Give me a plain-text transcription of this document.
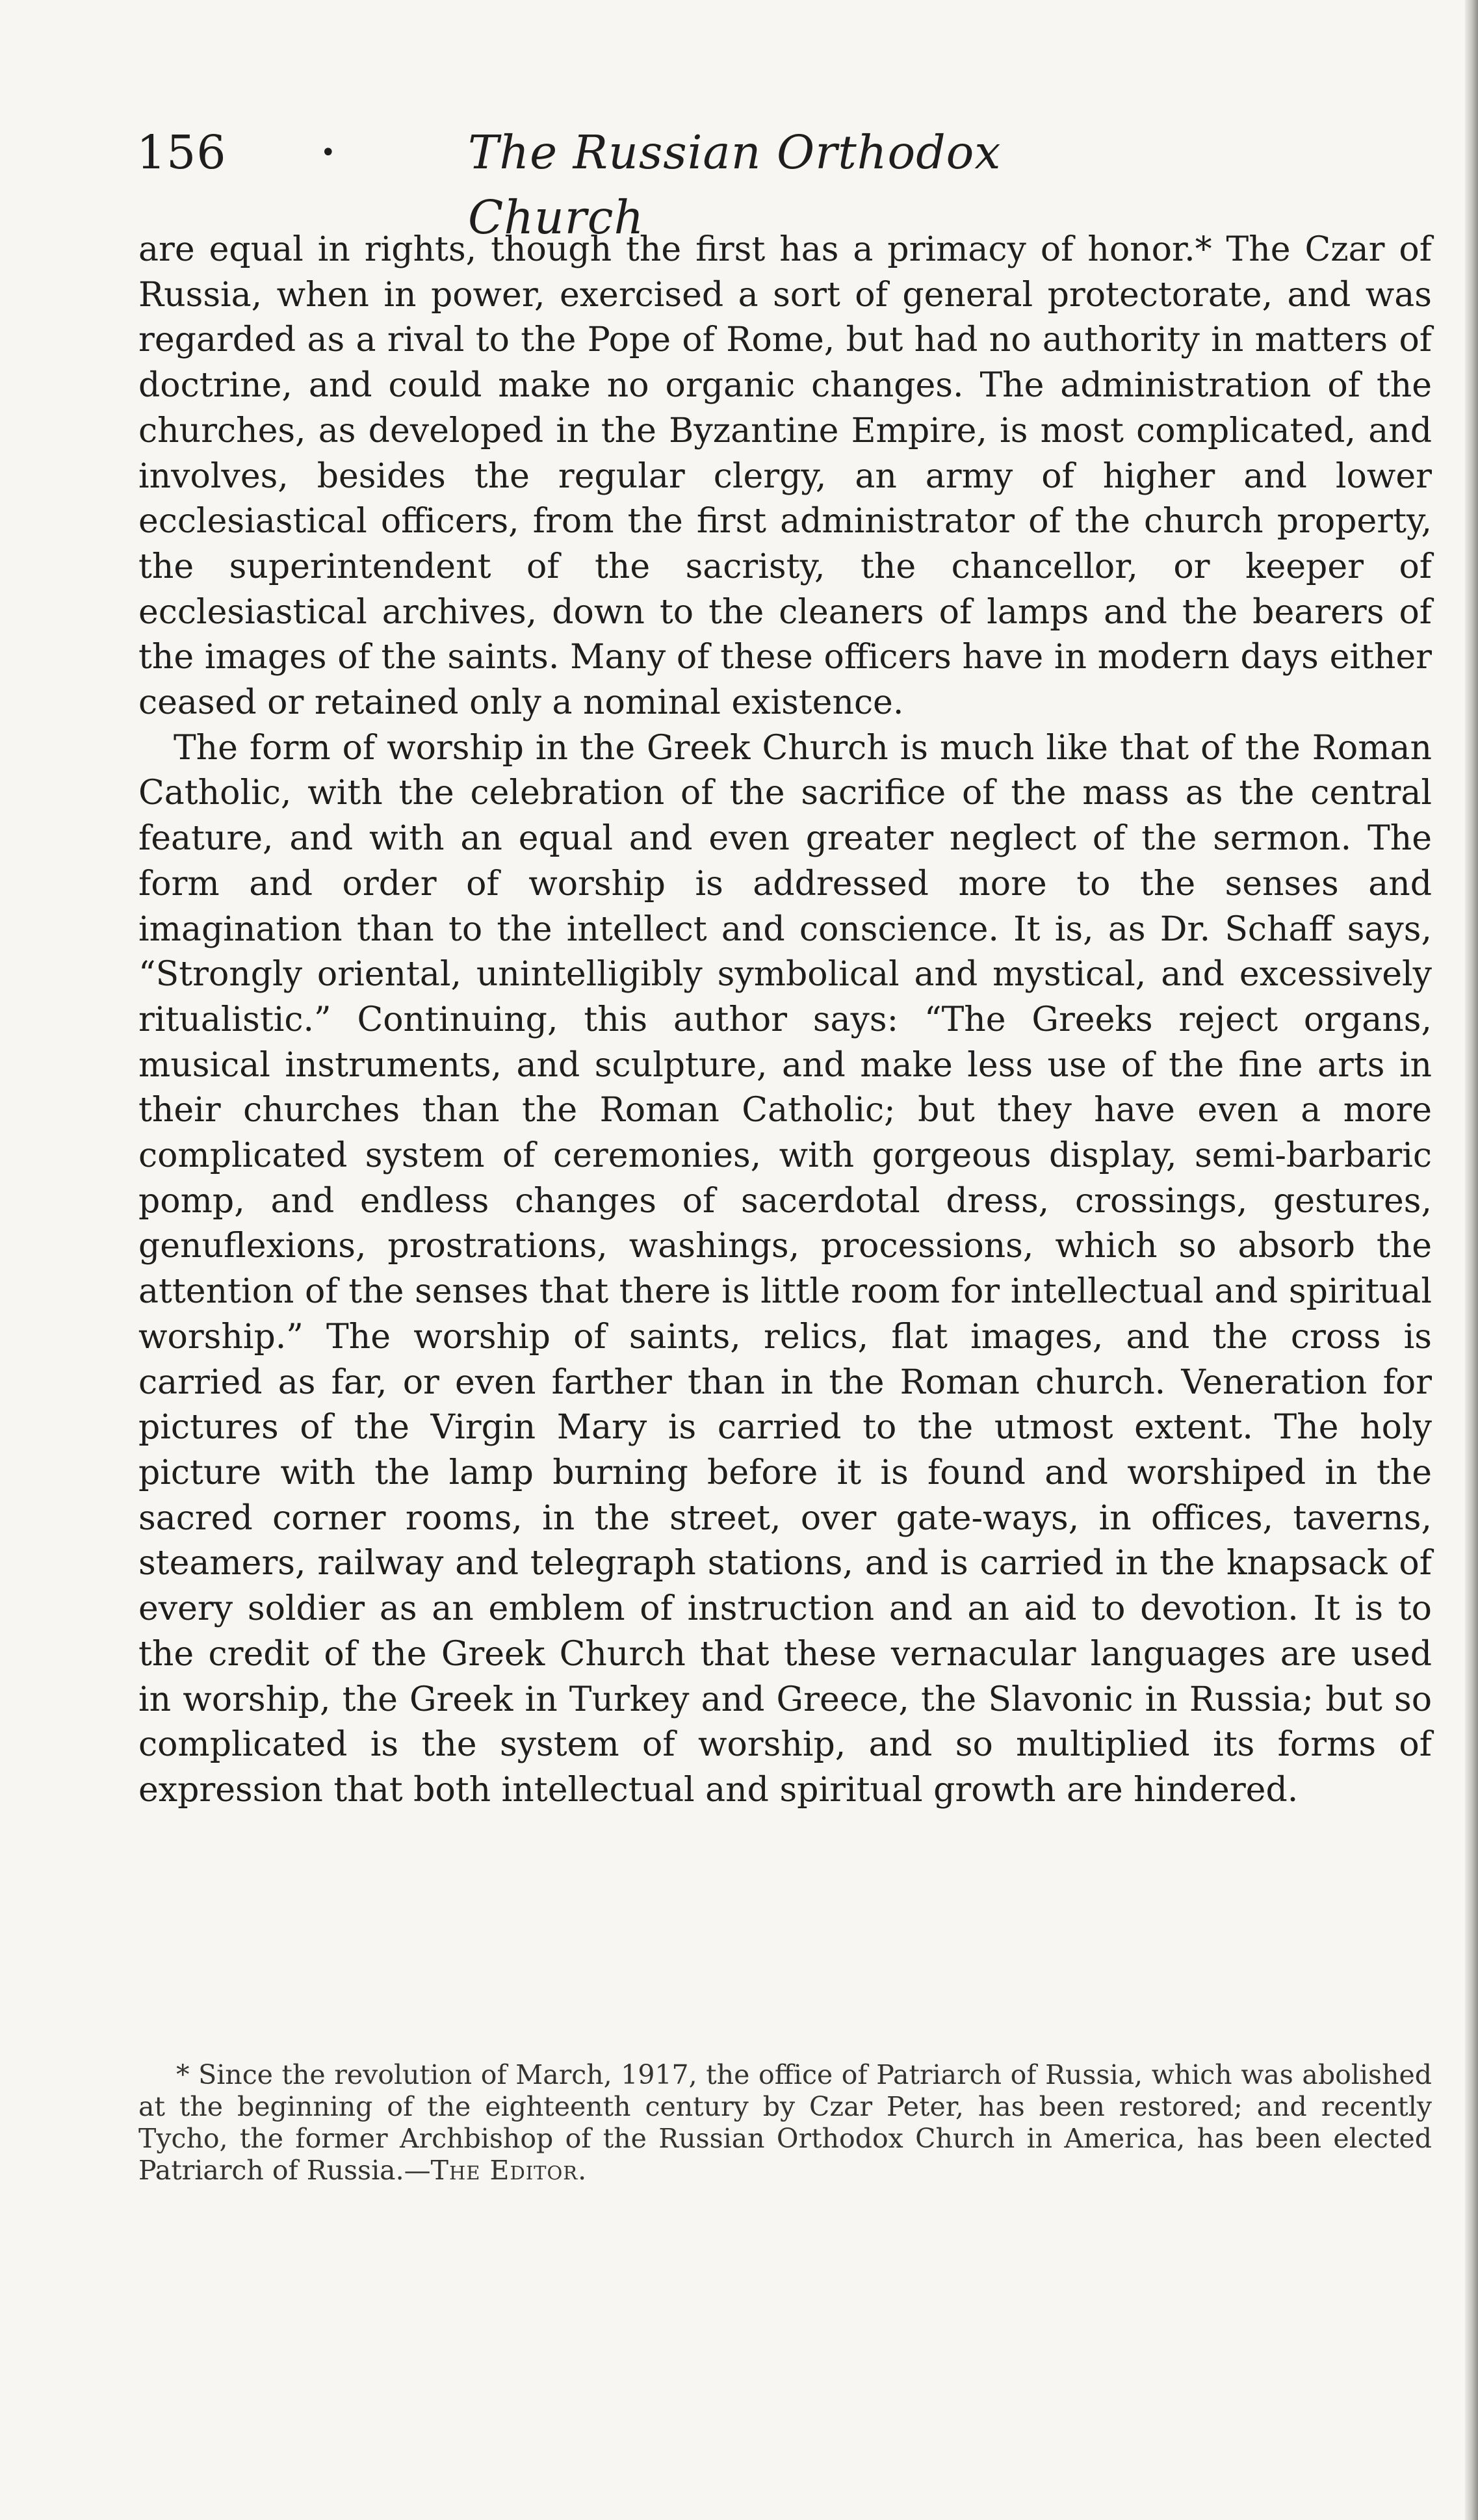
156	•	The Russian Orthodox Church

are equal in rights, though the first has a primacy of honor.* The Czar of Russia, when in power, exercised a sort of general protectorate, and was regarded as a rival to the Pope of Rome, but had no authority in matters of doctrine, and could make no organic changes. The administration of the churches, as developed in the Byzantine Empire, is most complicated, and involves, besides the regular clergy, an army of higher and lower ecclesiastical officers, from the first administrator of the church property, the superintendent of the sacristy, the chancellor, or keeper of ecclesiastical archives, down to the cleaners of lamps and the bearers of the images of the saints. Many of these officers have in modern days either ceased or retained only a nominal existence.

The form of worship in the Greek Church is much like that of the Roman Catholic, with the celebration of the sacrifice of the mass as the central feature, and with an equal and even greater neglect of the sermon. The form and order of worship is addressed more to the senses and imagination than to the intellect and conscience. It is, as Dr. Schaff says, “Strongly oriental, unintelligibly symbolical and mystical, and excessively ritualistic.” Continuing, this author says: “The Greeks reject organs, musical instruments, and sculpture, and make less use of the fine arts in their churches than the Roman Catholic; but they have even a more complicated system of ceremonies, with gorgeous display, semi-barbaric pomp, and endless changes of sacerdotal dress, crossings, gestures, genuflexions, prostrations, washings, processions, which so absorb the attention of the senses that there is little room for intellectual and spiritual worship.” The worship of saints, relics, flat images, and the cross is carried as far, or even farther than in the Roman church. Veneration for pictures of the Virgin Mary is carried to the utmost extent. The holy picture with the lamp burning before it is found and worshiped in the sacred corner rooms, in the street, over gate-ways, in offices, taverns, steamers, railway and telegraph stations, and is carried in the knapsack of every soldier as an emblem of instruction and an aid to devotion. It is to the credit of the Greek Church that these vernacular languages are used in worship, the Greek in Turkey and Greece, the Slavonic in Russia; but so complicated is the system of worship, and so multiplied its forms of expression that both intellectual and spiritual growth are hindered.

* Since the revolution of March, 1917, the office of Patriarch of Russia, which was abolished at the beginning of the eighteenth century by Czar Peter, has been restored; and recently Tycho, the former Archbishop of the Russian Orthodox Church in America, has been elected Patriarch of Russia.—The Editor.
